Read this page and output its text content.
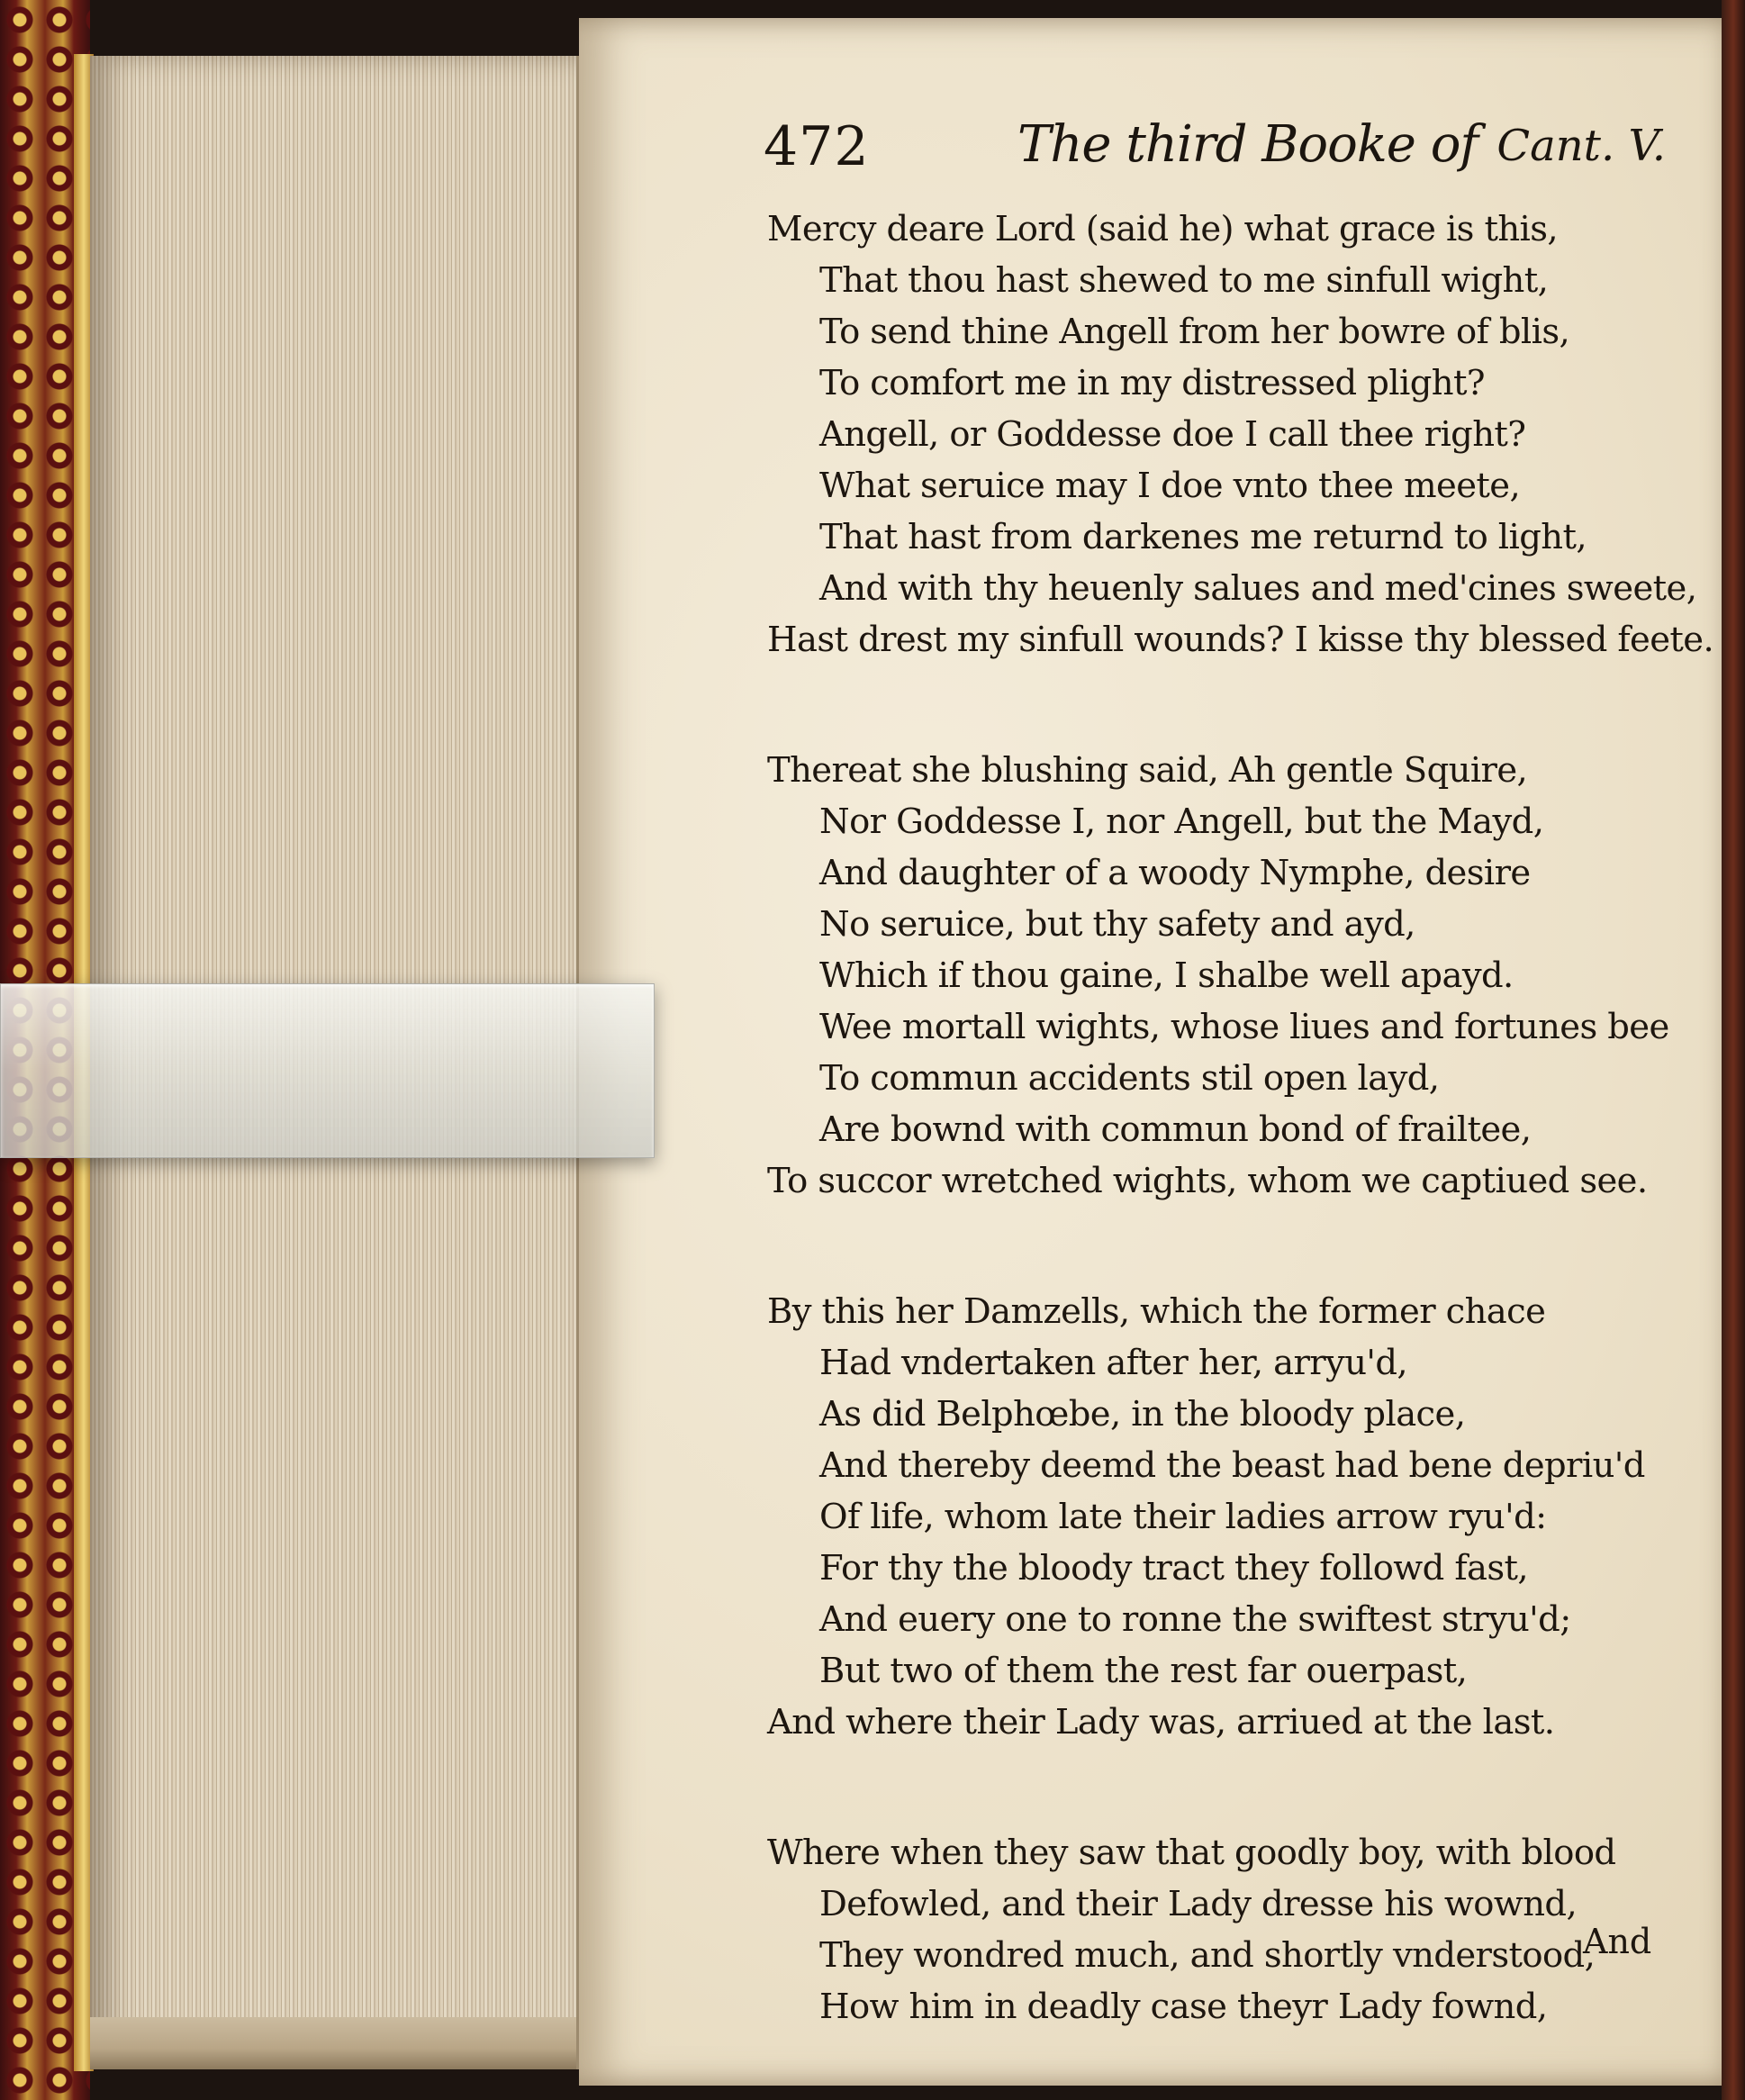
472	The third Booke of Cant. V.
Mercy deare Lord (said he) what grace is this,
That thou hast shewed to me sinfull wight,
To send thine Angell from her bowre of blis,
To comfort me in my distressed plight?
Angell, or Goddesse doe I call thee right?
What seruice may I doe vnto thee meete,
That hast from darkenes me returnd to light,
And with thy heuenly salues and med'cines sweete,
Hast drest my sinfull wounds? I kisse thy blessed feete.
Thereat she blushing said, Ah gentle Squire,
Nor Goddesse I, nor Angell, but the Mayd,
And daughter of a woody Nymphe, desire
No seruice, but thy safety and ayd,
Which if thou gaine, I shalbe well apayd.
Wee mortall wights, whose liues and fortunes bee
To commun accidents stil open layd,
Are bownd with commun bond of frailtee,
To succor wretched wights, whom we captiued see.
By this her Damzells, which the former chace
Had vndertaken after her, arryu'd,
As did Belphœbe, in the bloody place,
And thereby deemd the beast had bene depriu'd
Of life, whom late their ladies arrow ryu'd:
For thy the bloody tract they followd fast,
And euery one to ronne the swiftest stryu'd;
But two of them the rest far ouerpast,
And where their Lady was, arriued at the last.
Where when they saw that goodly boy, with blood
Defowled, and their Lady dresse his wownd,
They wondred much, and shortly vnderstood,
How him in deadly case theyr Lady fownd,
And
